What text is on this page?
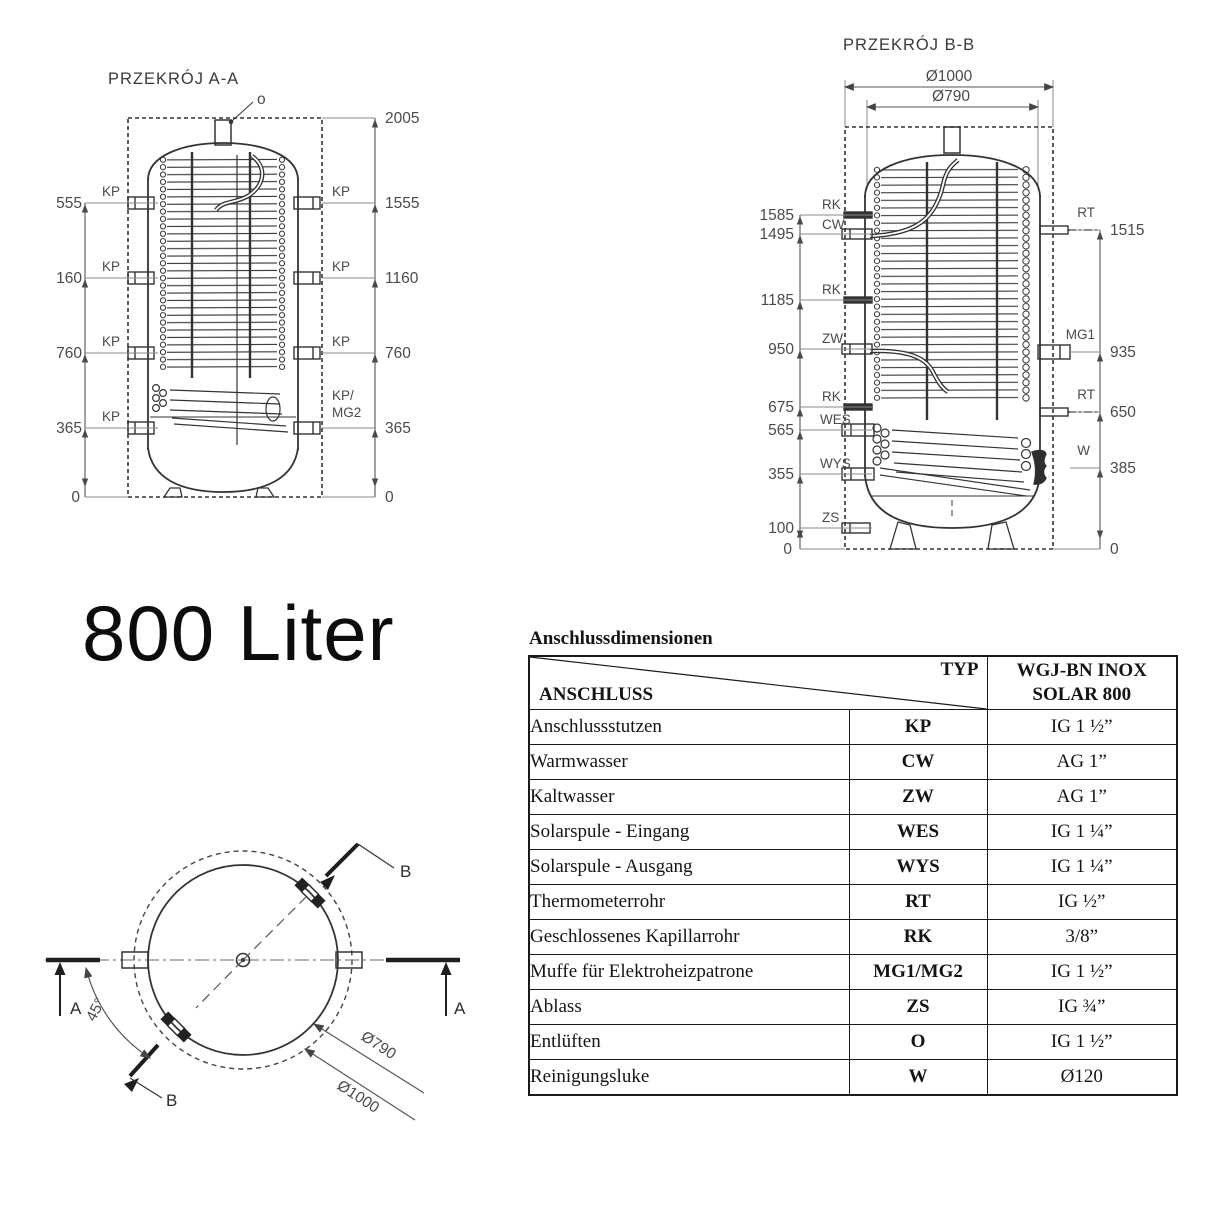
PRZEKRÓJ A-A
o
555
160
760
365
0
KP
KP
KP
KP
2005
1555
1160
760
365
0
KP
KP
KP
KP/
MG2
PRZEKRÓJ B-B
Ø1000
Ø790
1585
1495
1185
950
675
565
355
100
0
RK
CW
RK
ZW
RK
WES
WYS
ZS
1515
935
650
385
0
RT
MG1
RT
W
800 Liter
A	A
B
B
45°
Ø790
Ø1000
Anschlussdimensionen
TYP
ANSCHLUSS

WGJ-BN INOX
SOLAR 800

Anschlussstutzen	KP	IG 1 ½”
Warmwasser	CW	AG 1”
Kaltwasser	ZW	AG 1”
Solarspule - Eingang	WES	IG 1 ¼”
Solarspule - Ausgang	WYS	IG 1 ¼”
Thermometerrohr	RT	IG ½”
Geschlossenes Kapillarrohr	RK	3/8”
Muffe für Elektroheizpatrone	MG1/MG2	IG 1 ½”
Ablass	ZS	IG ¾”
Entlüften	O	IG 1 ½”
Reinigungsluke	W	Ø120
